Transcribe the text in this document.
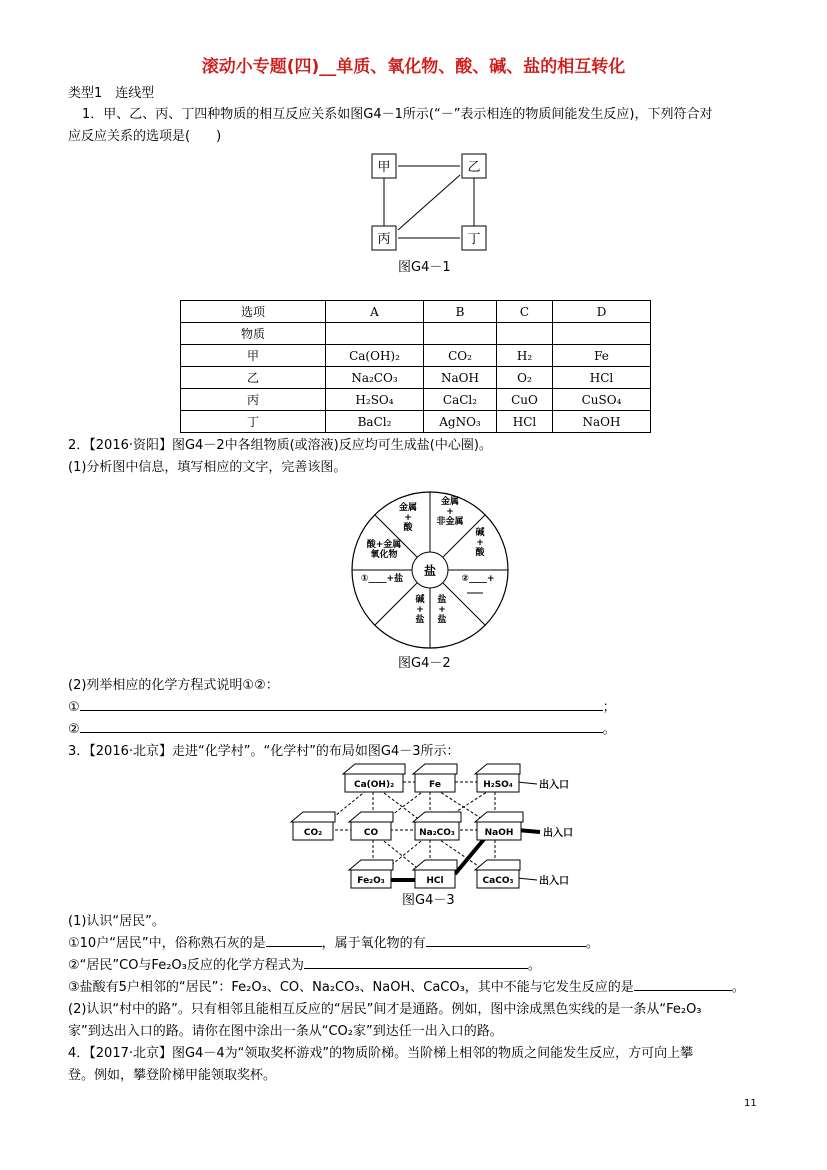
滚动小专题(四)__单质、氧化物、酸、碱、盐的相互转化
类型1　连线型
1．甲、乙、丙、丁四种物质的相互反应关系如图G4－1所示(“－”表示相连的物质间能发生反应)，下列符合对
应反应关系的选项是(　　)
甲	乙
丙	丁
图G4－1
选项	A	B	C	D
物质				
甲	Ca(OH)₂	CO₂	H₂	Fe
乙	Na₂CO₃	NaOH	O₂	HCl
丙	H₂SO₄	CaCl₂	CuO	CuSO₄
丁	BaCl₂	AgNO₃	HCl	NaOH
2．【2016·资阳】图G4－2中各组物质(或溶液)反应均可生成盐(中心圈)。
(1)分析图中信息，填写相应的文字，完善该图。
盐
金属
+
酸
金属
+
非金属
碱
+
酸
酸+金属
氧化物
①____+盐	②____+
碱
+
盐
盐
+
盐
图G4－2
(2)列举相应的化学方程式说明①②：
①	；
②	。
3．【2016·北京】走进“化学村”。“化学村”的布局如图G4－3所示：
Ca(OH)₂	Fe	H₂SO₄
CO₂	CO	Na₂CO₃	NaOH
Fe₂O₃	HCl	CaCO₃
出入口
出入口
出入口
图G4－3
(1)认识“居民”。
①10户“居民”中，俗称熟石灰的是	，属于氧化物的有	。
②“居民”CO与Fe₂O₃反应的化学方程式为	。
③盐酸有5户相邻的“居民”：Fe₂O₃、CO、Na₂CO₃、NaOH、CaCO₃，其中不能与它发生反应的是	。
(2)认识“村中的路”。只有相邻且能相互反应的“居民”间才是通路。例如，图中涂成黑色实线的是一条从“Fe₂O₃
家”到达出入口的路。请你在图中涂出一条从“CO₂家”到达任一出入口的路。
4．【2017·北京】图G4－4为“领取奖杯游戏”的物质阶梯。当阶梯上相邻的物质之间能发生反应，方可向上攀
登。例如，攀登阶梯甲能领取奖杯。
11
